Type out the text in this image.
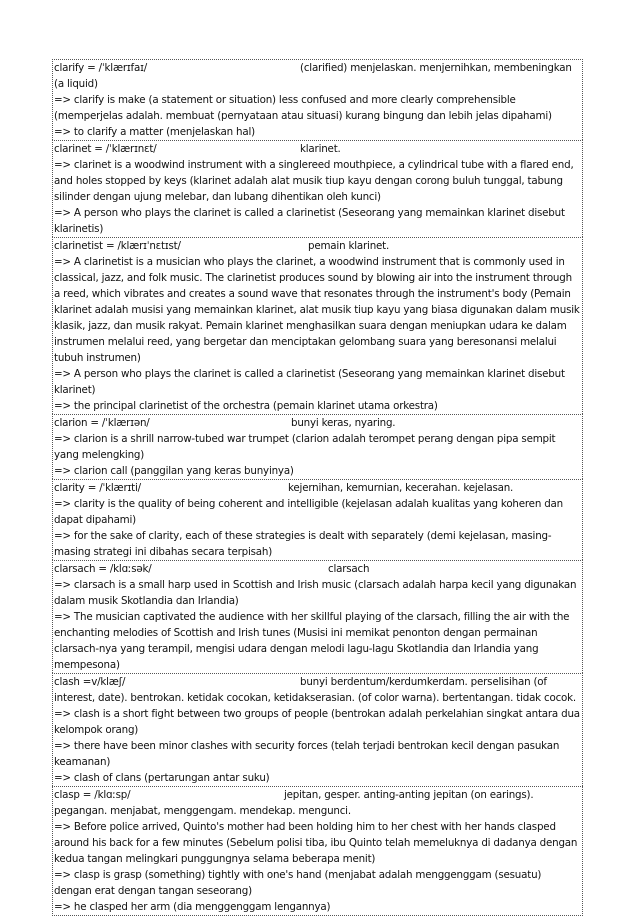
clarify = /ˈklærɪfaɪ/	(clarified) menjelaskan. menjernihkan, membeningkan (a liquid)
=> clarify is make (a statement or situation) less confused and more clearly comprehensible (memperjelas adalah. membuat (pernyataan atau situasi) kurang bingung dan lebih jelas dipahami)
=> to clarify a matter (menjelaskan hal)
clarinet = /ˈklærɪnɛt/	klarinet.
=> clarinet is a woodwind instrument with a singlereed mouthpiece, a cylindrical tube with a flared end, and holes stopped by keys (klarinet adalah alat musik tiup kayu dengan corong buluh tunggal, tabung silinder dengan ujung melebar, dan lubang dihentikan oleh kunci)
=> A person who plays the clarinet is called a clarinetist (Seseorang yang memainkan klarinet disebut klarinetis)
clarinetist = /klærɪˈnɛtɪst/	pemain klarinet.
=> A clarinetist is a musician who plays the clarinet, a woodwind instrument that is commonly used in classical, jazz, and folk music. The clarinetist produces sound by blowing air into the instrument through a reed, which vibrates and creates a sound wave that resonates through the instrument's body (Pemain klarinet adalah musisi yang memainkan klarinet, alat musik tiup kayu yang biasa digunakan dalam musik klasik, jazz, dan musik rakyat. Pemain klarinet menghasilkan suara dengan meniupkan udara ke dalam instrumen melalui reed, yang bergetar dan menciptakan gelombang suara yang beresonansi melalui tubuh instrumen)
=> A person who plays the clarinet is called a clarinetist (Seseorang yang memainkan klarinet disebut klarinet)
=> the principal clarinetist of the orchestra (pemain klarinet utama orkestra)
clarion = /ˈklærɪən/	bunyi keras, nyaring.
=> clarion is a shrill narrow-tubed war trumpet (clarion adalah terompet perang dengan pipa sempit yang melengking)
=> clarion call (panggilan yang keras bunyinya)
clarity = /ˈklærɪti/	kejernihan, kemurnian, kecerahan. kejelasan.
=> clarity is the quality of being coherent and intelligible (kejelasan adalah kualitas yang koheren dan dapat dipahami)
=> for the sake of clarity, each of these strategies is dealt with separately (demi kejelasan, masing-masing strategi ini dibahas secara terpisah)
clarsach = /klɑːsək/	clarsach
=> clarsach is a small harp used in Scottish and Irish music (clarsach adalah harpa kecil yang digunakan dalam musik Skotlandia dan Irlandia)
=> The musician captivated the audience with her skillful playing of the clarsach, filling the air with the enchanting melodies of Scottish and Irish tunes (Musisi ini memikat penonton dengan permainan clarsach-nya yang terampil, mengisi udara dengan melodi lagu-lagu Skotlandia dan Irlandia yang mempesona)
clash =v/klæʃ/	bunyi berdentum/kerdumkerdam. perselisihan (of interest, date). bentrokan. ketidak cocokan, ketidakserasian. (of color warna). bertentangan. tidak cocok.
=> clash is a short fight between two groups of people (bentrokan adalah perkelahian singkat antara dua kelompok orang)
=> there have been minor clashes with security forces (telah terjadi bentrokan kecil dengan pasukan keamanan)
=> clash of clans (pertarungan antar suku)
clasp = /klɑːsp/	jepitan, gesper. anting-anting jepitan (on earings). pegangan. menjabat, menggengam. mendekap. mengunci.
=> Before police arrived, Quinto's mother had been holding him to her chest with her hands clasped around his back for a few minutes (Sebelum polisi tiba, ibu Quinto telah memeluknya di dadanya dengan kedua tangan melingkari punggungnya selama beberapa menit)
=> clasp is grasp (something) tightly with one's hand (menjabat adalah menggenggam (sesuatu) dengan erat dengan tangan seseorang)
=> he clasped her arm (dia menggenggam lengannya)
